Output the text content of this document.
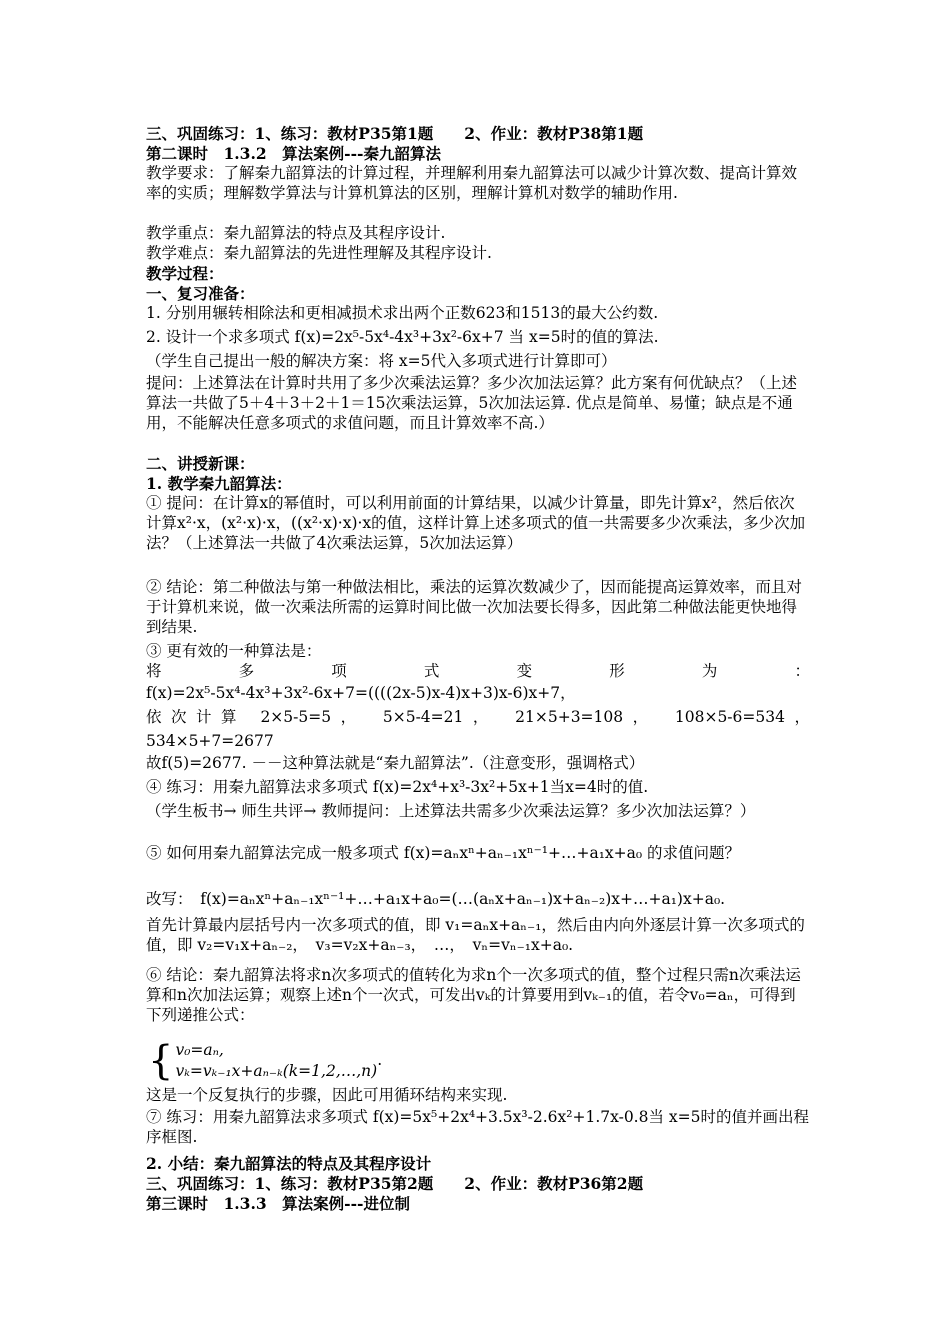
三、巩固练习：1、练习：教材P35第1题　　2、作业：教材P38第1题

第二课时　1.3.2　算法案例---秦九韶算法

教学要求：了解秦九韶算法的计算过程，并理解利用秦九韶算法可以减少计算次数、提高计算效率的实质；理解数学算法与计算机算法的区别，理解计算机对数学的辅助作用.

教学重点：秦九韶算法的特点及其程序设计.

教学难点：秦九韶算法的先进性理解及其程序设计.

教学过程：

一、复习准备：

1. 分别用辗转相除法和更相减损术求出两个正数623和1513的最大公约数.

2. 设计一个求多项式 f(x)=2x⁵-5x⁴-4x³+3x²-6x+7 当 x=5时的值的算法.

（学生自己提出一般的解决方案：将 x=5代入多项式进行计算即可）

提问：上述算法在计算时共用了多少次乘法运算？多少次加法运算？此方案有何优缺点？（上述算法一共做了5＋4＋3＋2＋1＝15次乘法运算，5次加法运算. 优点是简单、易懂；缺点是不通用，不能解决任意多项式的求值问题，而且计算效率不高.）

二、讲授新课：

1. 教学秦九韶算法：

① 提问：在计算x的幂值时，可以利用前面的计算结果，以减少计算量，即先计算x²，然后依次计算x²·x，(x²·x)·x，((x²·x)·x)·x的值，这样计算上述多项式的值一共需要多少次乘法，多少次加法？（上述算法一共做了4次乘法运算，5次加法运算）

② 结论：第二种做法与第一种做法相比，乘法的运算次数减少了，因而能提高运算效率，而且对于计算机来说，做一次乘法所需的运算时间比做一次加法要长得多，因此第二种做法能更快地得到结果.

③ 更有效的一种算法是：

将多项式变形为：

f(x)=2x⁵-5x⁴-4x³+3x²-6x+7=((((2x-5)x-4)x+3)x-6)x+7，

依次计算 2×5-5=5，　5×5-4=21，　21×5+3=108，　108×5-6=534，

534×5+7=2677

故f(5)=2677. －－这种算法就是“秦九韶算法”.（注意变形，强调格式）

④ 练习：用秦九韶算法求多项式 f(x)=2x⁴+x³-3x²+5x+1当x=4时的值.

（学生板书→ 师生共评→ 教师提问：上述算法共需多少次乘法运算？多少次加法运算？）

⑤ 如何用秦九韶算法完成一般多项式 f(x)=aₙxⁿ+aₙ₋₁xⁿ⁻¹+…+a₁x+a₀ 的求值问题？

改写：　f(x)=aₙxⁿ+aₙ₋₁xⁿ⁻¹+…+a₁x+a₀=(…(aₙx+aₙ₋₁)x+aₙ₋₂)x+…+a₁)x+a₀.

首先计算最内层括号内一次多项式的值，即 v₁=aₙx+aₙ₋₁，然后由内向外逐层计算一次多项式的值，即 v₂=v₁x+aₙ₋₂，　v₃=v₂x+aₙ₋₃，　…，　vₙ=vₙ₋₁x+a₀.

⑥ 结论：秦九韶算法将求n次多项式的值转化为求n个一次多项式的值，整个过程只需n次乘法运算和n次加法运算；观察上述n个一次式，可发出vₖ的计算要用到vₖ₋₁的值，若令v₀=aₙ，可得到下列递推公式：

{ v₀=aₙ,
vₖ=vₖ₋₁x+aₙ₋ₖ(k=1,2,…,n)
.

这是一个反复执行的步骤，因此可用循环结构来实现.

⑦ 练习：用秦九韶算法求多项式 f(x)=5x⁵+2x⁴+3.5x³-2.6x²+1.7x-0.8当 x=5时的值并画出程序框图.

2. 小结：秦九韶算法的特点及其程序设计

三、巩固练习：1、练习：教材P35第2题　　2、作业：教材P36第2题

第三课时　1.3.3　算法案例---进位制
